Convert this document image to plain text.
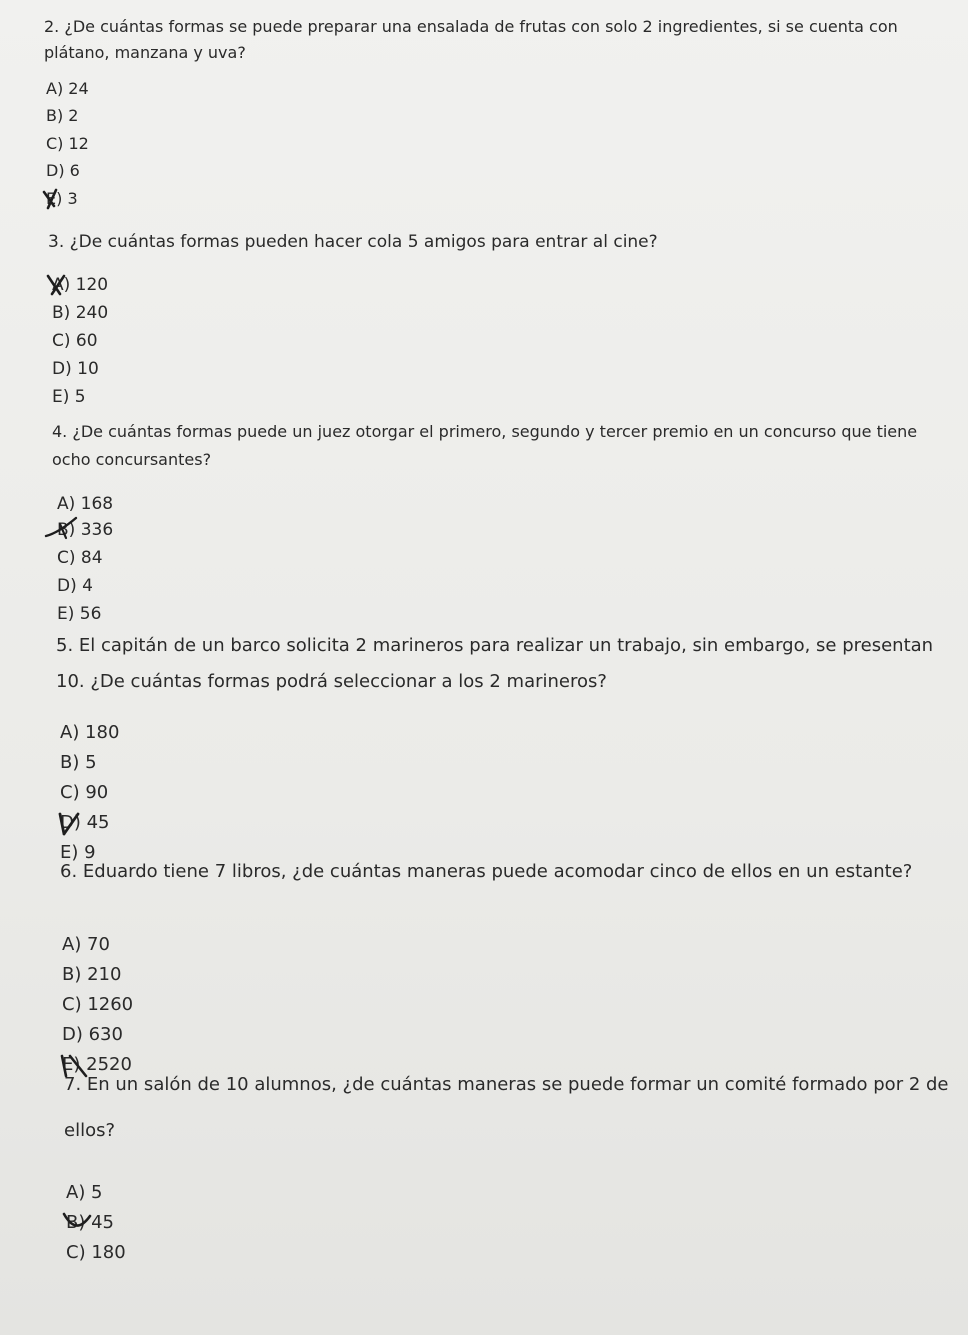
2. ¿De cuántas formas se puede preparar una ensalada de frutas con solo 2 ingredientes, si se cuenta con plátano, manzana y uva?

A) 24
B) 2
C) 12
D) 6
E) 3

3. ¿De cuántas formas pueden hacer cola 5 amigos para entrar al cine?

A) 120
B) 240
C) 60
D) 10
E) 5

4. ¿De cuántas formas puede un juez otorgar el primero, segundo y tercer premio en un concurso que tiene ocho concursantes?

A) 168
B) 336
C) 84
D) 4
E) 56

5. El capitán de un barco solicita 2 marineros para realizar un trabajo, sin embargo, se presentan 10. ¿De cuántas formas podrá seleccionar a los 2 marineros?

A) 180
B) 5
C) 90
D) 45
E) 9

6. Eduardo tiene 7 libros, ¿de cuántas maneras puede acomodar cinco de ellos en un estante?

A) 70
B) 210
C) 1260
D) 630
E) 2520

7. En un salón de 10 alumnos, ¿de cuántas maneras se puede formar un comité formado por 2 de ellos?

A) 5
B) 45
C) 180
